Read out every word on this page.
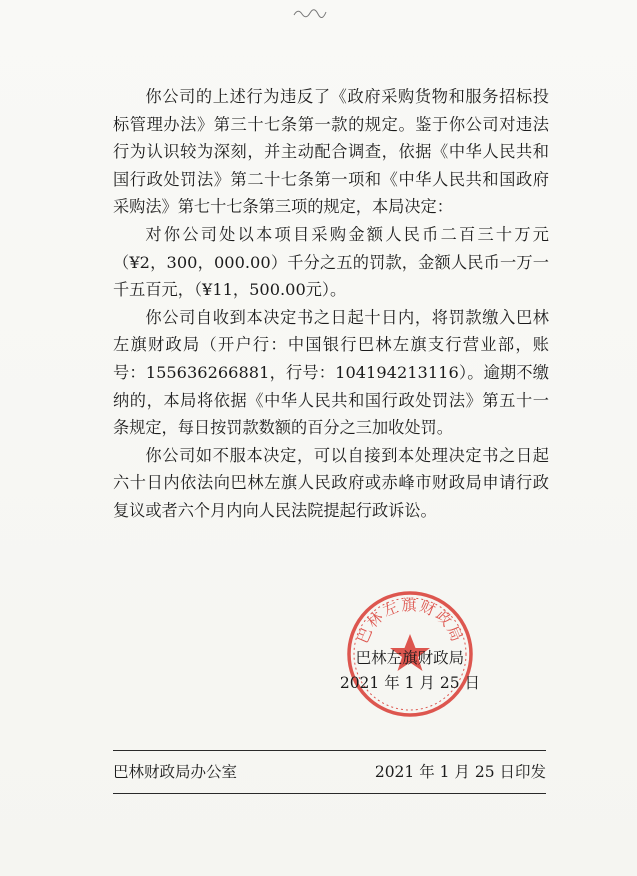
你公司的上述行为违反了《政府采购货物和服务招标投标管理办法》第三十七条第一款的规定。鉴于你公司对违法行为认识较为深刻，并主动配合调查，依据《中华人民共和国行政处罚法》第二十七条第一项和《中华人民共和国政府采购法》第七十七条第三项的规定，本局决定：

对你公司处以本项目采购金额人民币二百三十万元（¥2，300，000.00）千分之五的罚款，金额人民币一万一千五百元，（¥11，500.00元）。

你公司自收到本决定书之日起十日内，将罚款缴入巴林左旗财政局（开户行：中国银行巴林左旗支行营业部，账号：155636266881，行号：104194213116）。逾期不缴纳的，本局将依据《中华人民共和国行政处罚法》第五十一条规定，每日按罚款数额的百分之三加收处罚。

你公司如不服本决定，可以自接到本处理决定书之日起六十日内依法向巴林左旗人民政府或赤峰市财政局申请行政复议或者六个月内向人民法院提起行政诉讼。

巴林左旗财政局
巴林左旗财政局
2021 年 1 月 25 日
巴林财政局办公室	2021 年 1 月 25 日印发
